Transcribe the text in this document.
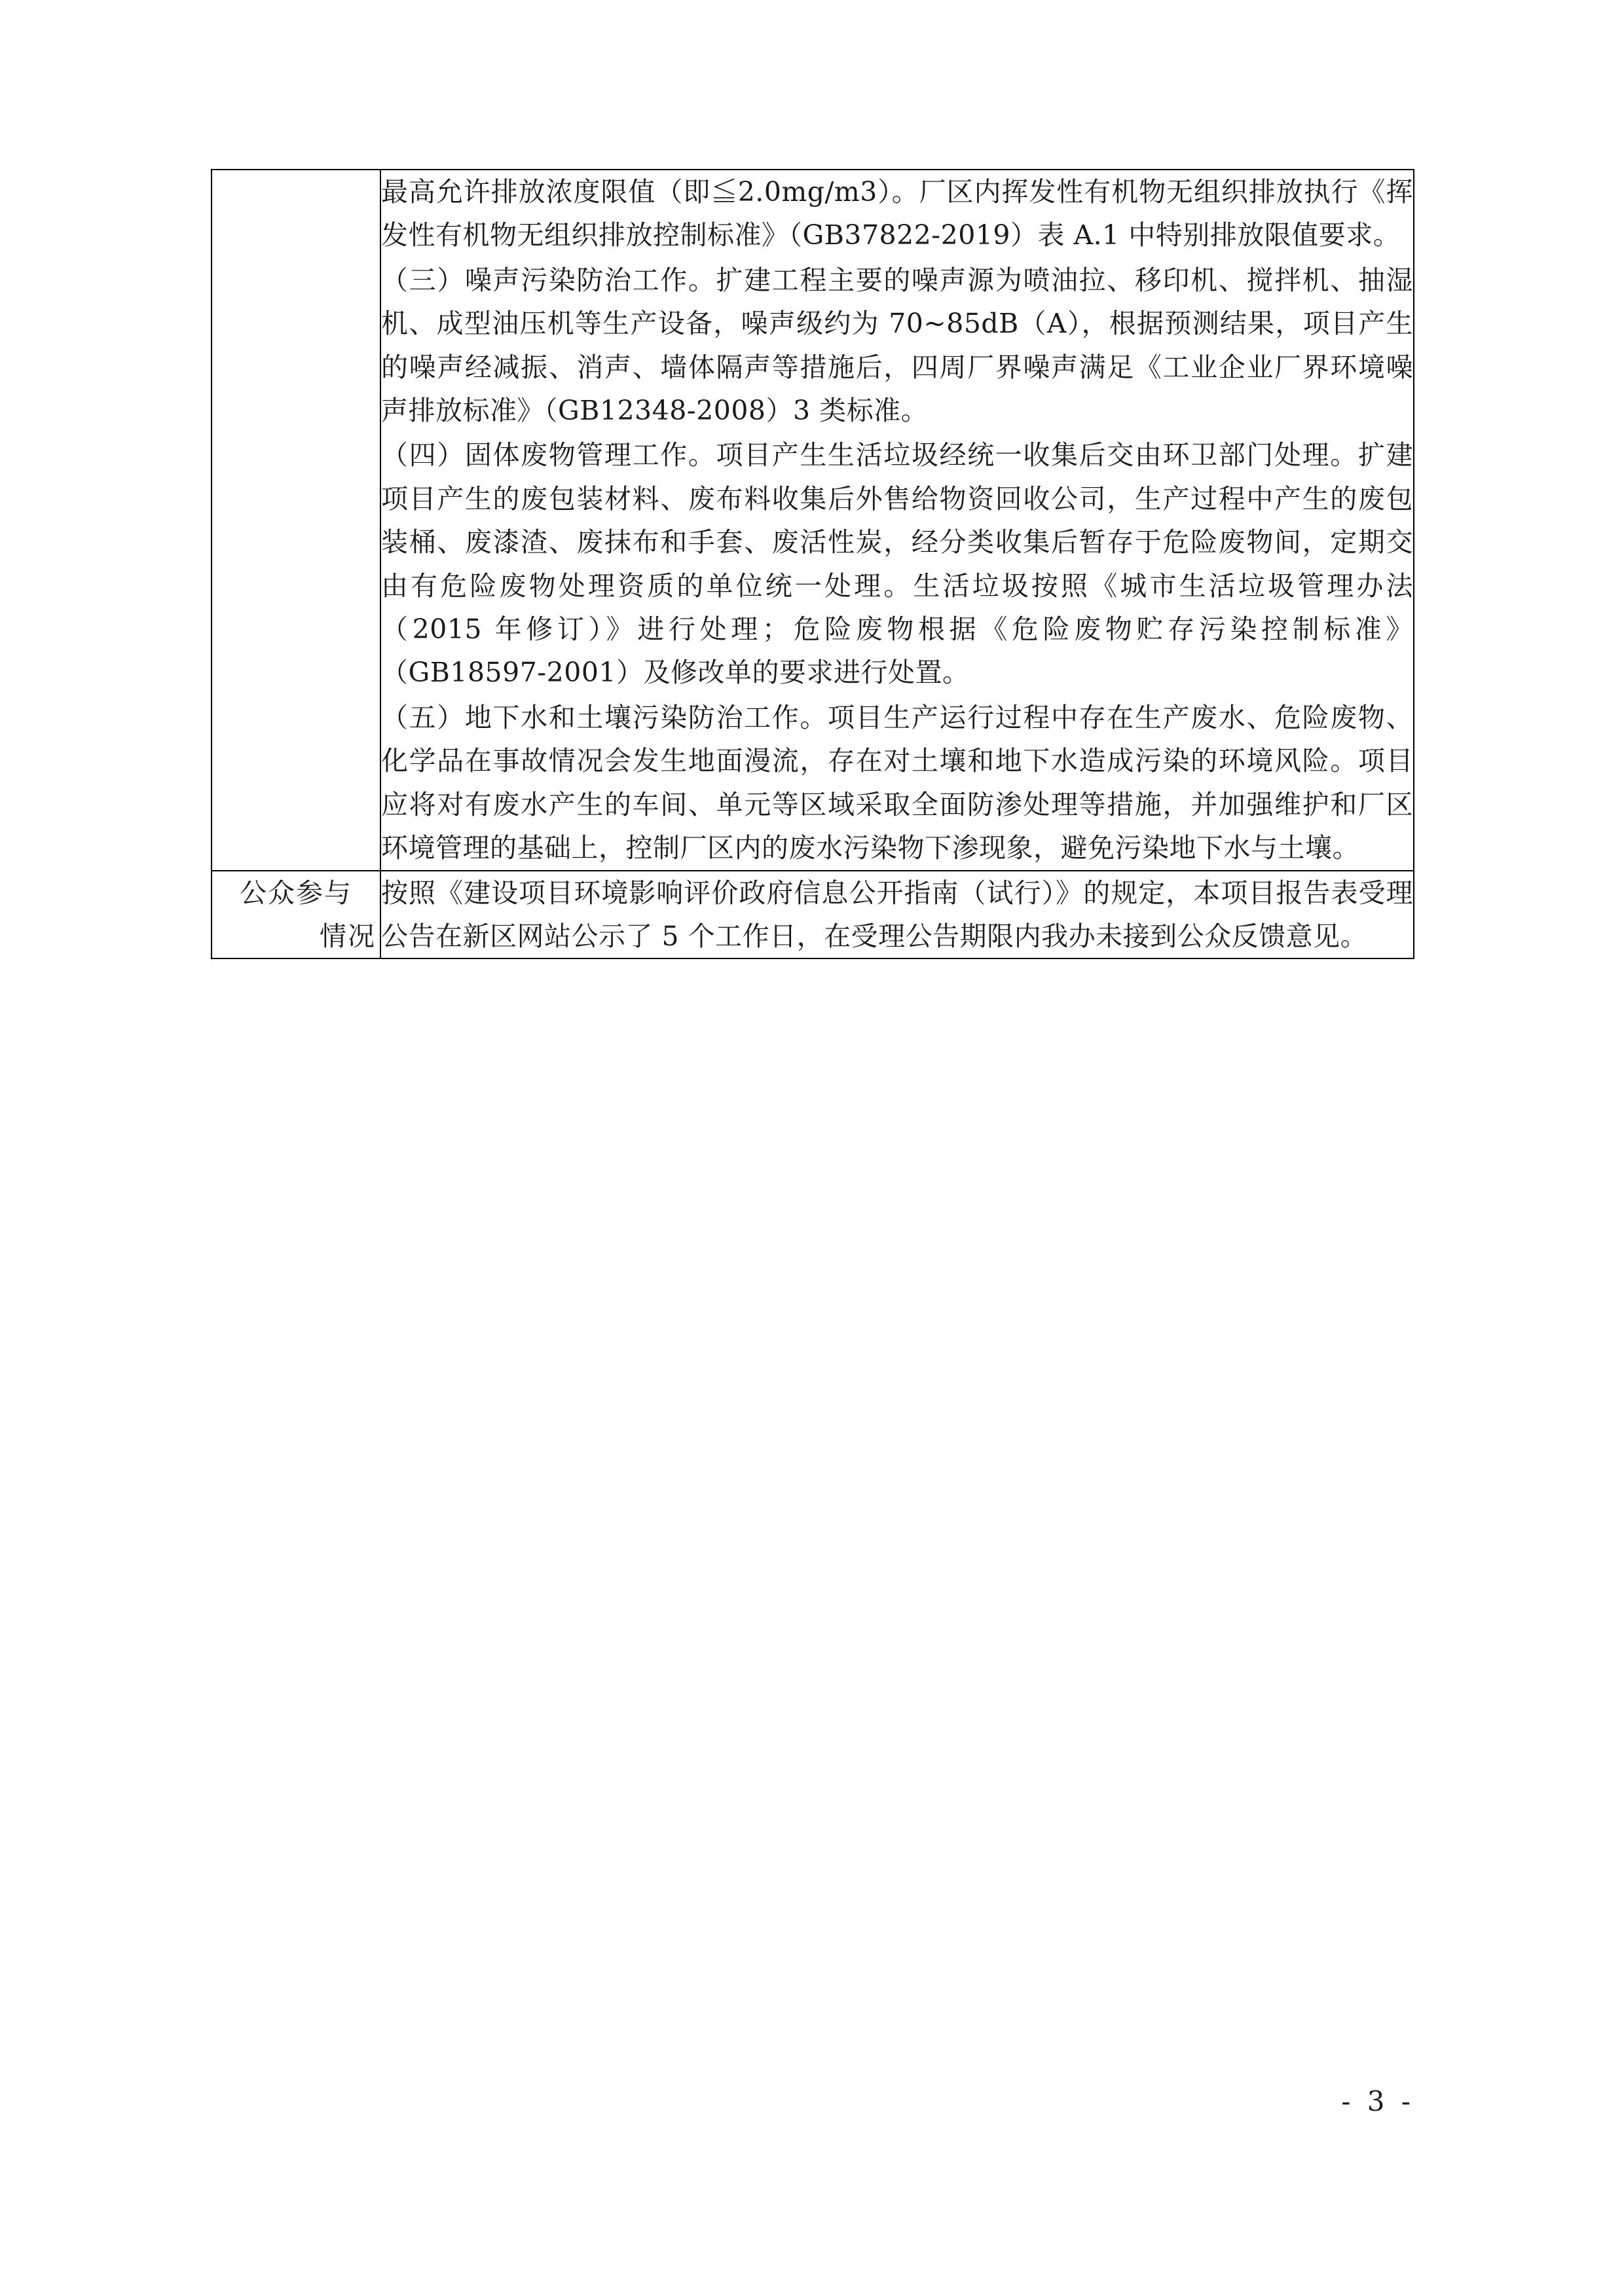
	最高允许排放浓度限值（即≦2.0mg/m3）。厂区内挥发性有机物无组织排放执行《挥发性有机物无组织排放控制标准》（GB37822-2019）表 A.1 中特别排放限值要求。

（三）噪声污染防治工作。扩建工程主要的噪声源为喷油拉、移印机、搅拌机、抽湿机、成型油压机等生产设备，噪声级约为 70~85dB（A），根据预测结果，项目产生的噪声经减振、消声、墙体隔声等措施后，四周厂界噪声满足《工业企业厂界环境噪声排放标准》（GB12348-2008）3 类标准。

（四）固体废物管理工作。项目产生生活垃圾经统一收集后交由环卫部门处理。扩建项目产生的废包装材料、废布料收集后外售给物资回收公司，生产过程中产生的废包装桶、废漆渣、废抹布和手套、废活性炭，经分类收集后暂存于危险废物间，定期交由有危险废物处理资质的单位统一处理。生活垃圾按照《城市生活垃圾管理办法（2015 年修订）》进行处理；危险废物根据《危险废物贮存污染控制标准》（GB18597-2001）及修改单的要求进行处置。

（五）地下水和土壤污染防治工作。项目生产运行过程中存在生产废水、危险废物、化学品在事故情况会发生地面漫流，存在对土壤和地下水造成污染的环境风险。项目应将对有废水产生的车间、单元等区域采取全面防渗处理等措施，并加强维护和厂区环境管理的基础上，控制厂区内的废水污染物下渗现象，避免污染地下水与土壤。

公众参与
情况	按照《建设项目环境影响评价政府信息公开指南（试行）》的规定，本项目报告表受理公告在新区网站公示了 5 个工作日，在受理公告期限内我办未接到公众反馈意见。

- 3 -
